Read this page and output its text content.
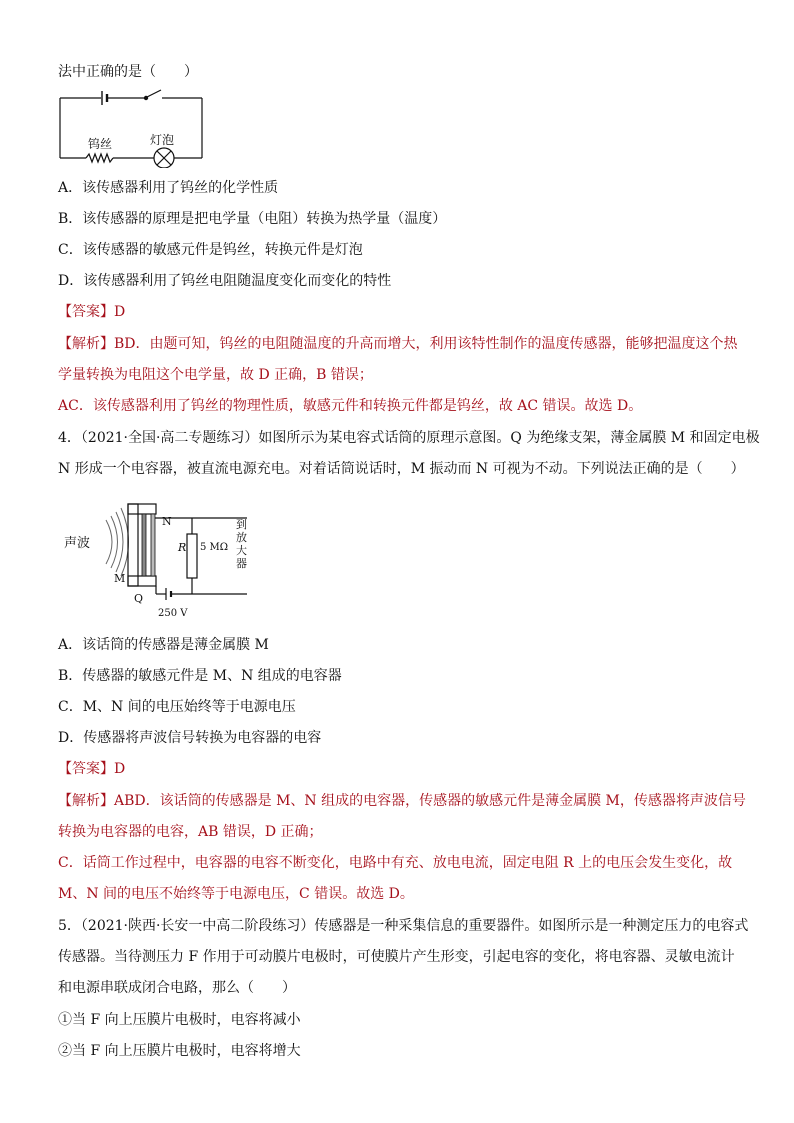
法中正确的是（　　）
钨丝	灯泡
A．该传感器利用了钨丝的化学性质
B．该传感器的原理是把电学量（电阻）转换为热学量（温度）
C．该传感器的敏感元件是钨丝，转换元件是灯泡
D．该传感器利用了钨丝电阻随温度变化而变化的特性
【答案】D
【解析】BD．由题可知，钨丝的电阻随温度的升高而增大，利用该特性制作的温度传感器，能够把温度这个热
学量转换为电阻这个电学量，故 D 正确，B 错误；
AC．该传感器利用了钨丝的物理性质，敏感元件和转换元件都是钨丝，故 AC 错误。故选 D。
4．（2021·全国·高二专题练习）如图所示为某电容式话筒的原理示意图。Q 为绝缘支架，薄金属膜 M 和固定电极
N 形成一个电容器，被直流电源充电。对着话筒说话时，M 振动而 N 可视为不动。下列说法正确的是（　　）
声波
N
M
Q
R 5 MΩ
250 V
到
放
大
器
A．该话筒的传感器是薄金属膜 M
B．传感器的敏感元件是 M、N 组成的电容器
C．M、N 间的电压始终等于电源电压
D．传感器将声波信号转换为电容器的电容
【答案】D
【解析】ABD．该话筒的传感器是 M、N 组成的电容器，传感器的敏感元件是薄金属膜 M，传感器将声波信号
转换为电容器的电容，AB 错误，D 正确；
C．话筒工作过程中，电容器的电容不断变化，电路中有充、放电电流，固定电阻 R 上的电压会发生变化，故
M、N 间的电压不始终等于电源电压，C 错误。故选 D。
5．（2021·陕西·长安一中高二阶段练习）传感器是一种采集信息的重要器件。如图所示是一种测定压力的电容式
传感器。当待测压力 F 作用于可动膜片电极时，可使膜片产生形变，引起电容的变化，将电容器、灵敏电流计
和电源串联成闭合电路，那么（　　）
①当 F 向上压膜片电极时，电容将减小
②当 F 向上压膜片电极时，电容将增大
